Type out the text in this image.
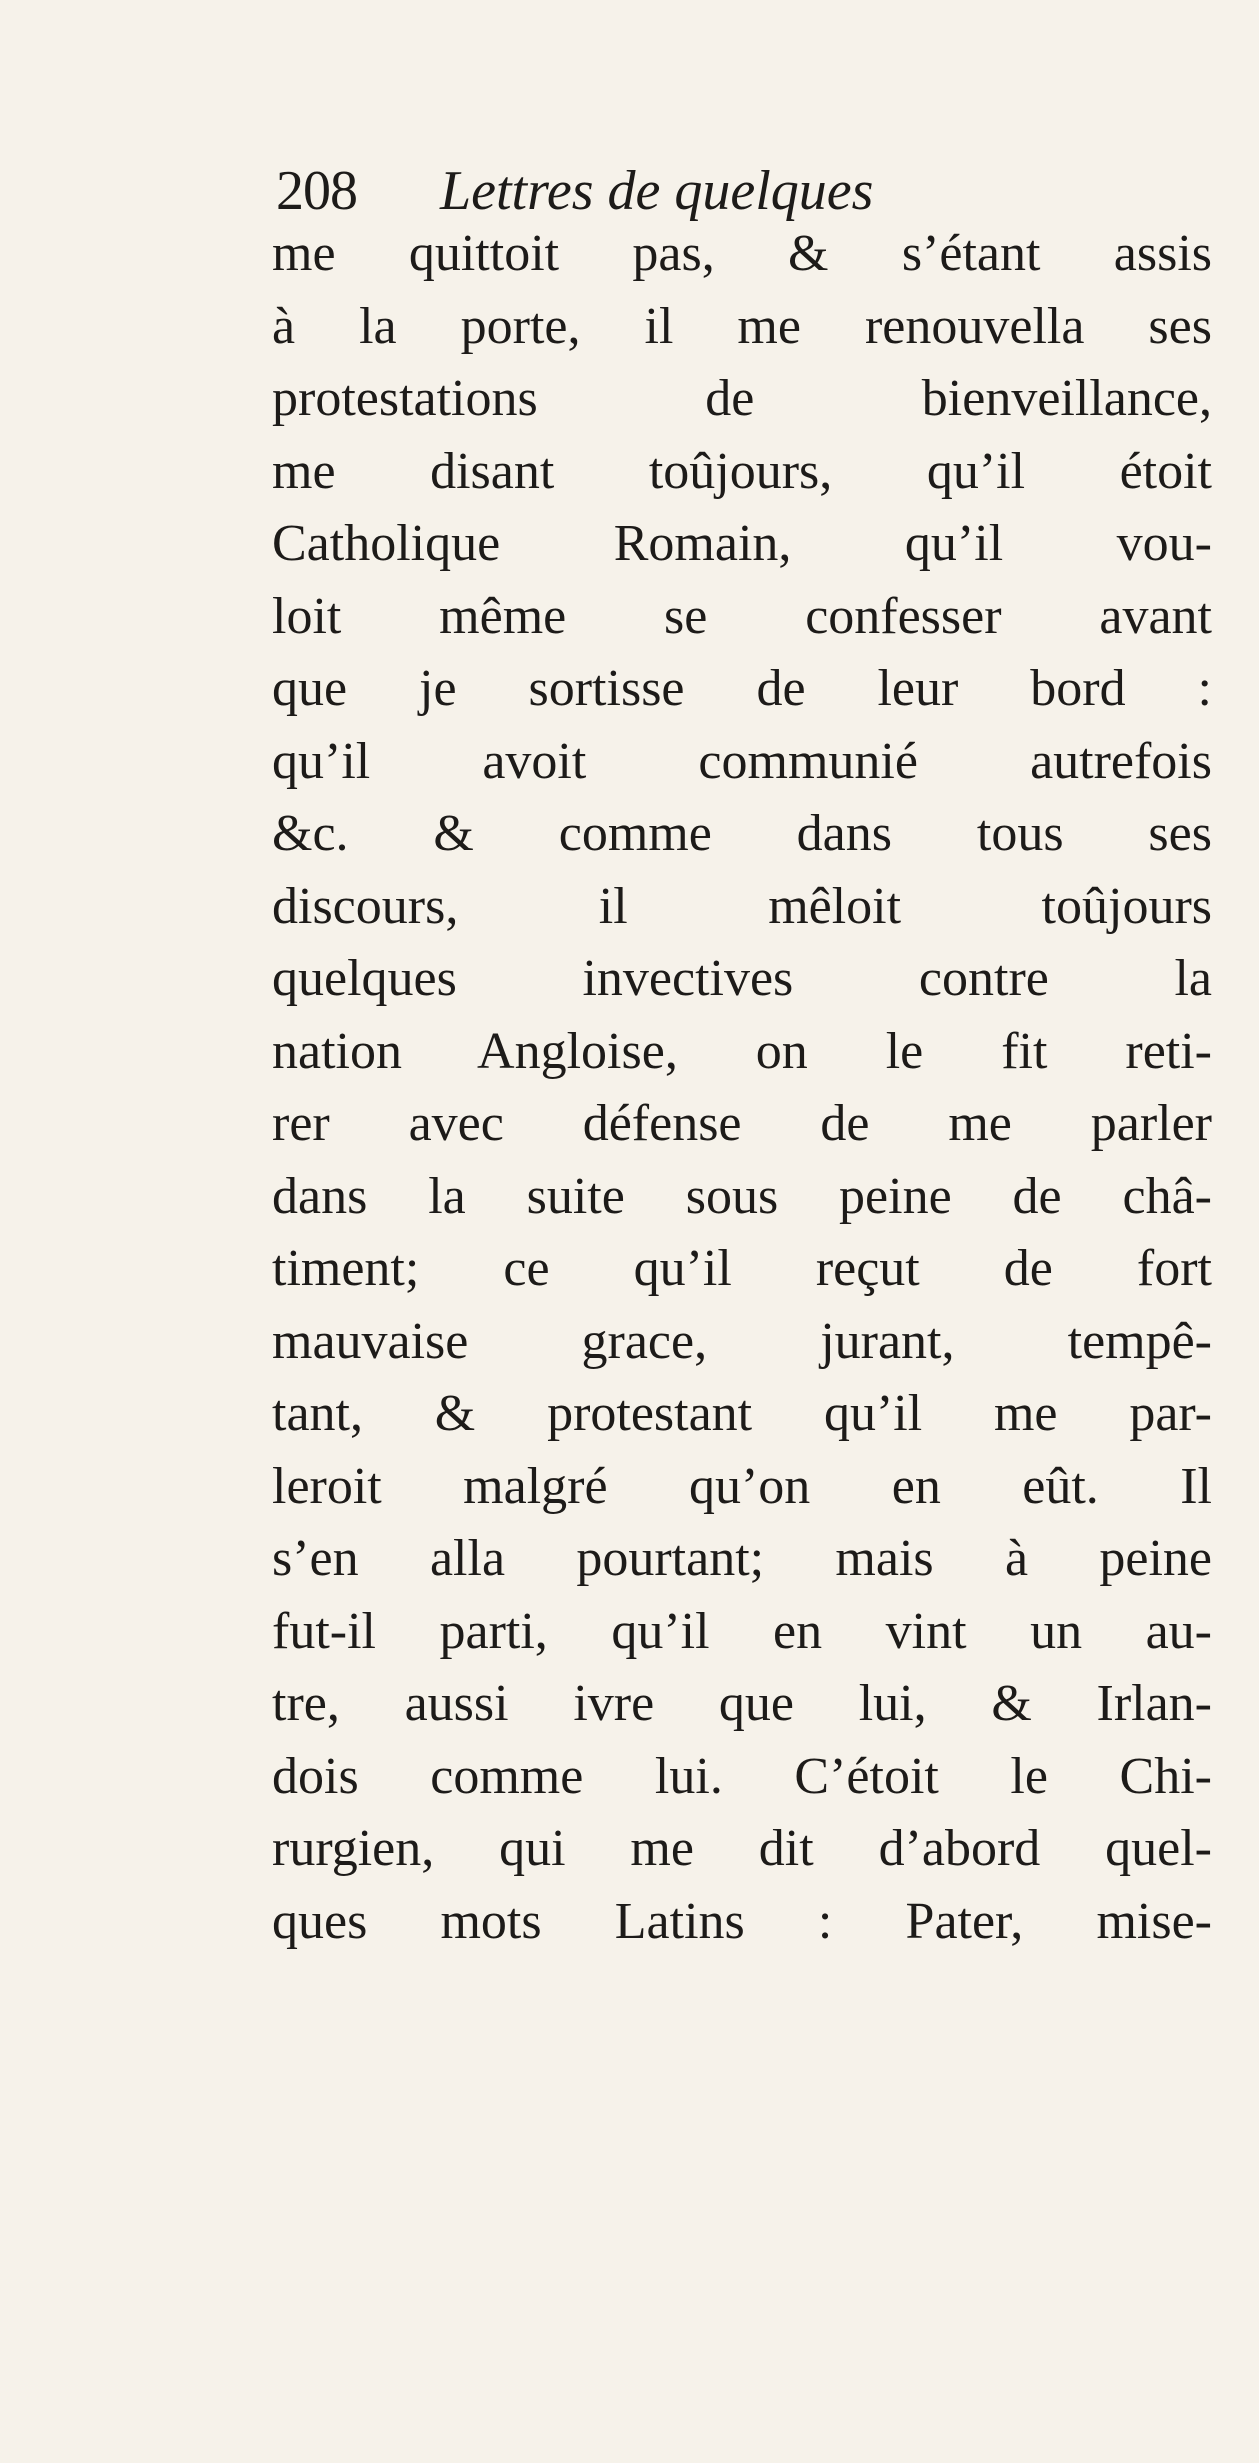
208 Lettres de quelques
me quittoit pas, & s’étant assis
à la porte, il me renouvella ses
protestations de bienveillance,
me disant toûjours, qu’il étoit
Catholique Romain, qu’il vou-
loit même se confesser avant
que je sortisse de leur bord :
qu’il avoit communié autrefois
&c. & comme dans tous ses
discours, il mêloit toûjours
quelques invectives contre la
nation Angloise, on le fit reti-
rer avec défense de me parler
dans la suite sous peine de châ-
timent; ce qu’il reçut de fort
mauvaise grace, jurant, tempê-
tant, & protestant qu’il me par-
leroit malgré qu’on en eût. Il
s’en alla pourtant; mais à peine
fut-il parti, qu’il en vint un au-
tre, aussi ivre que lui, & Irlan-
dois comme lui. C’étoit le Chi-
rurgien, qui me dit d’abord quel-
ques mots Latins : Pater, mise-
